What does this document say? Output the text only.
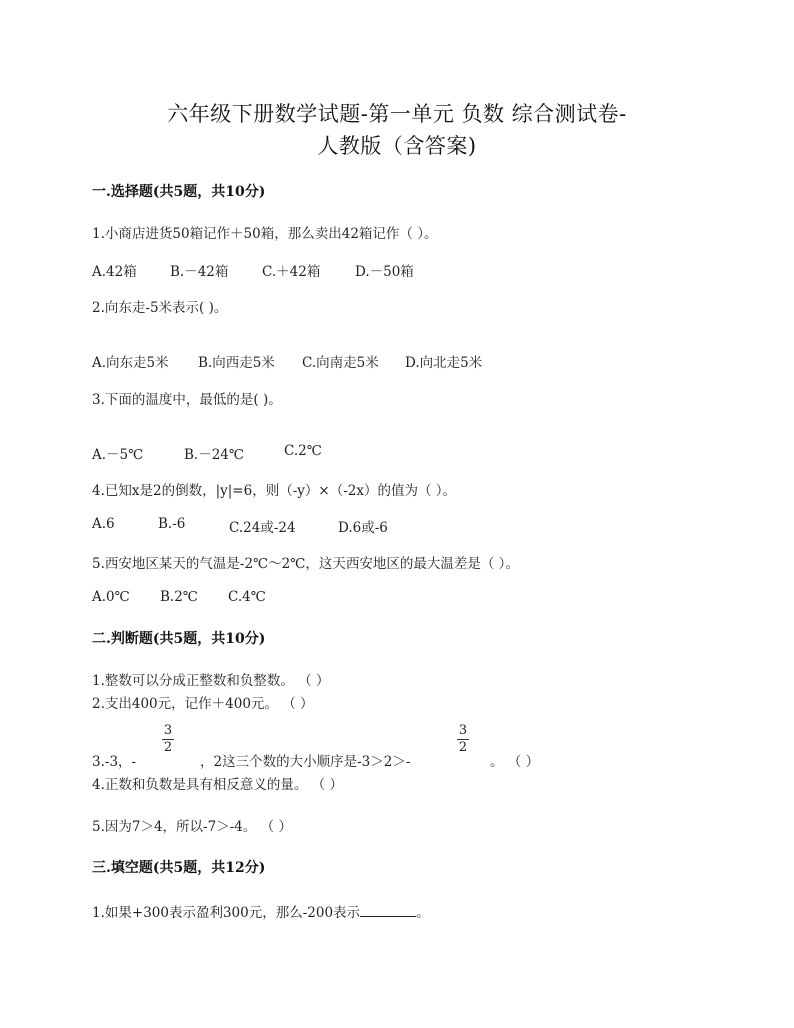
六年级下册数学试题-第一单元 负数 综合测试卷-
人教版（含答案)
一.选择题(共5题，共10分)
1.小商店进货50箱记作＋50箱，那么卖出42箱记作（ ）。
A.42箱 B.－42箱 C.＋42箱	D.－50箱
2.向东走-5米表示( )。
A.向东走5米 B.向西走5米 C.向南走5米 D.向北走5米
3.下面的温度中，最低的是( )。
A.－5℃	B.－24℃	C.2℃
4.已知x是2的倒数，|y|=6，则（-y）×（-2x）的值为（ ）。
A.6	B.-6	C.24或-24	D.6或-6
5.西安地区某天的气温是-2℃～2℃，这天西安地区的最大温差是（ ）。
A.0℃ B.2℃ C.4℃
二.判断题(共5题，共10分)
1.整数可以分成正整数和负整数。 （ ）
2.支出400元，记作＋400元。 （ ）
3.-3，-
3
2
，2这三个数的大小顺序是-3＞2＞-
3
2
。 （ ）
4.正数和负数是具有相反意义的量。 （ ）
5.因为7＞4，所以-7＞-4。 （ ）
三.填空题(共5题，共12分)
1.如果+300表示盈利300元，那么-200表示	。
